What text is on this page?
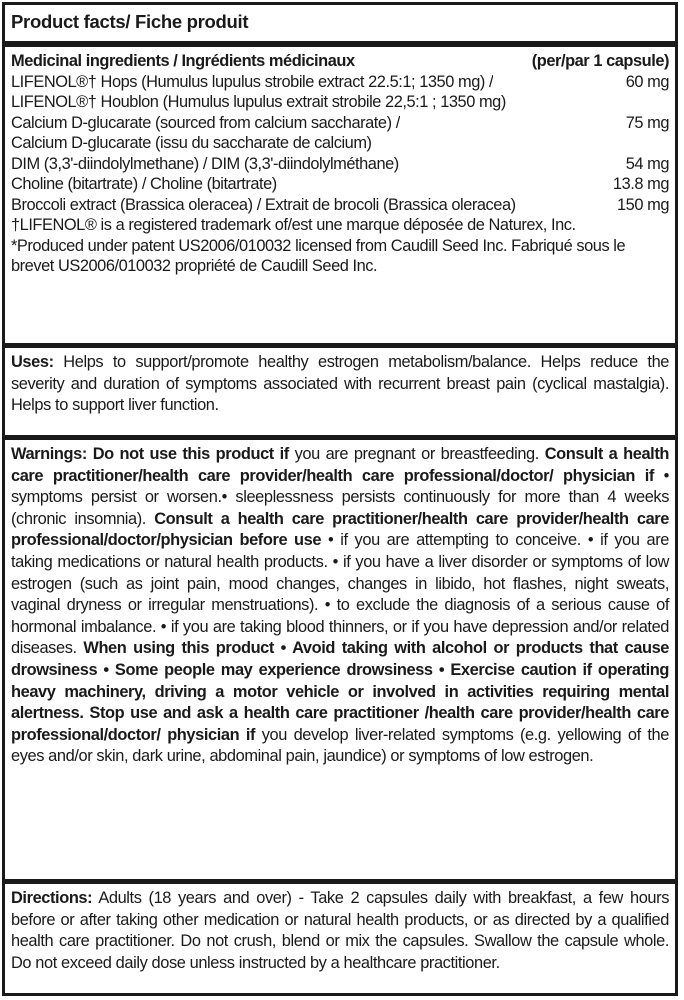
Product facts/ Fiche produit
Medicinal ingredients / Ingrédients médicinaux	(per/par 1 capsule)
LIFENOL®† Hops (Humulus lupulus strobile extract 22.5:1; 1350 mg) /	60 mg
LIFENOL®† Houblon (Humulus lupulus extrait strobile 22,5:1 ; 1350 mg)
Calcium D-glucarate (sourced from calcium saccharate) /	75 mg
Calcium D-glucarate (issu du saccharate de calcium)
DIM (3,3'-diindolylmethane) / DIM (3,3'-diindolylméthane)	54 mg
Choline (bitartrate) / Choline (bitartrate)	13.8 mg
Broccoli extract (Brassica oleracea) / Extrait de brocoli (Brassica oleracea)	150 mg
†LIFENOL® is a registered trademark of/est une marque déposée de Naturex, Inc.
*Produced under patent US2006/010032 licensed from Caudill Seed Inc. Fabriqué sous le brevet US2006/010032 propriété de Caudill Seed Inc.
Uses: Helps to support/promote healthy estrogen metabolism/balance. Helps reduce the severity and duration of symptoms associated with recurrent breast pain (cyclical mastalgia). Helps to support liver function.
Warnings: Do not use this product if you are pregnant or breastfeeding. Consult a health care practitioner/health care provider/health care professional/doctor/ physician if • symptoms persist or worsen.• sleeplessness persists continuously for more than 4 weeks (chronic insomnia). Consult a health care practitioner/health care provider/health care professional/doctor/physician before use • if you are attempting to conceive. • if you are taking medications or natural health products. • if you have a liver disorder or symptoms of low estrogen (such as joint pain, mood changes, changes in libido, hot flashes, night sweats, vaginal dryness or irregular menstruations). • to exclude the diagnosis of a serious cause of hormonal imbalance. • if you are taking blood thinners, or if you have depression and/or related diseases. When using this product • Avoid taking with alcohol or products that cause drowsiness • Some people may experience drowsiness • Exercise caution if operating heavy machinery, driving a motor vehicle or involved in activities requiring mental alertness. Stop use and ask a health care practitioner /health care provider/health care professional/doctor/ physician if you develop liver-related symptoms (e.g. yellowing of the eyes and/or skin, dark urine, abdominal pain, jaundice) or symptoms of low estrogen.
Directions: Adults (18 years and over) - Take 2 capsules daily with breakfast, a few hours before or after taking other medication or natural health products, or as directed by a qualified health care practitioner. Do not crush, blend or mix the capsules. Swallow the capsule whole. Do not exceed daily dose unless instructed by a healthcare practitioner.
